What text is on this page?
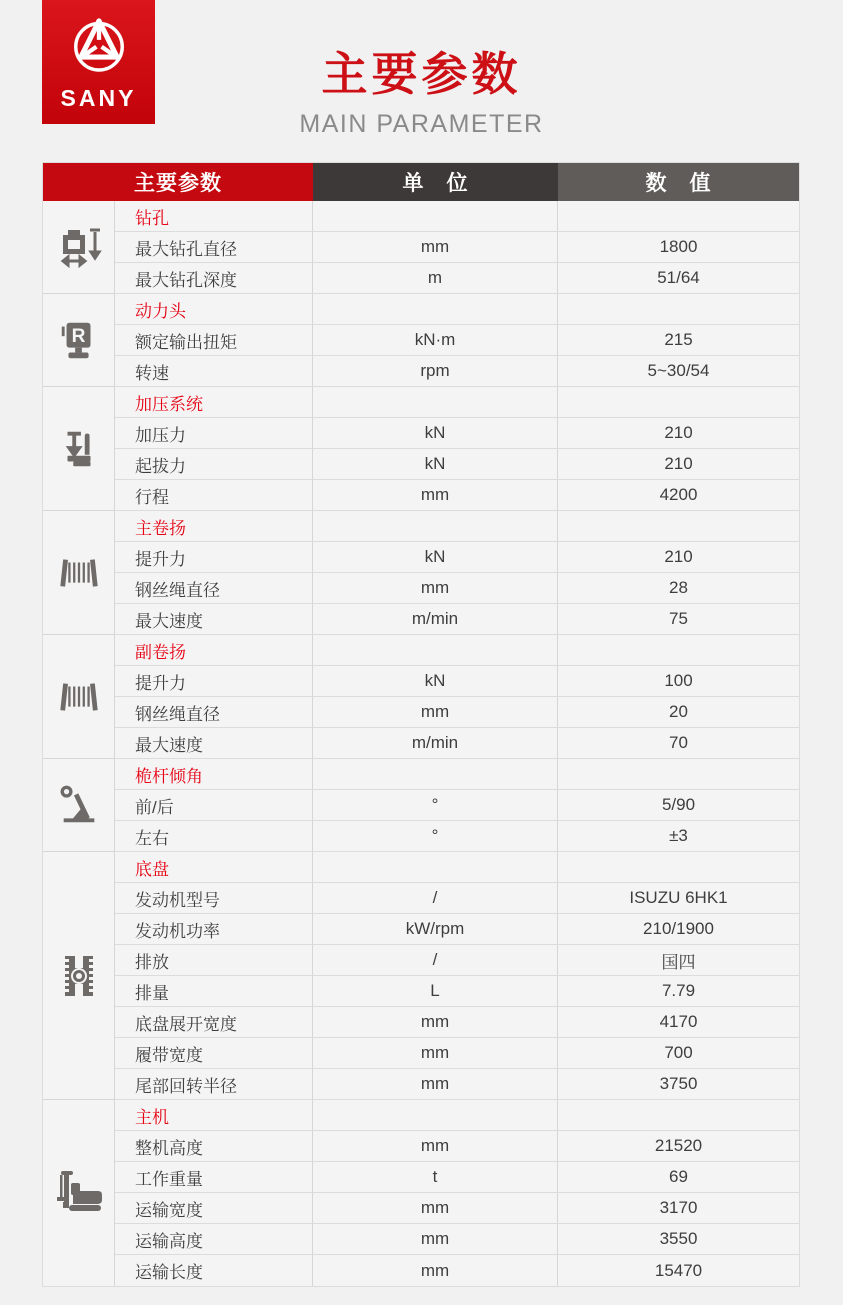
SANY	主要参数
MAIN PARAMETER
主要参数	单　位	数　值
钻孔
最大钻孔直径	mm	1800
最大钻孔深度	m	51/64
R
动力头
额定输出扭矩	kN·m	215
转速	rpm	5~30/54
加压系统
加压力	kN	210
起拔力	kN	210
行程	mm	4200
主卷扬
提升力	kN	210
钢丝绳直径	mm	28
最大速度	m/min	75
副卷扬
提升力	kN	100
钢丝绳直径	mm	20
最大速度	m/min	70
桅杆倾角
前/后	°	5/90
左右	°	±3
底盘
发动机型号	/	ISUZU 6HK1
发动机功率	kW/rpm	210/1900
排放	/	国四
排量	L	7.79
底盘展开宽度	mm	4170
履带宽度	mm	700
尾部回转半径	mm	3750
主机
整机高度	mm	21520
工作重量	t	69
运输宽度	mm	3170
运输高度	mm	3550
运输长度	mm	15470
